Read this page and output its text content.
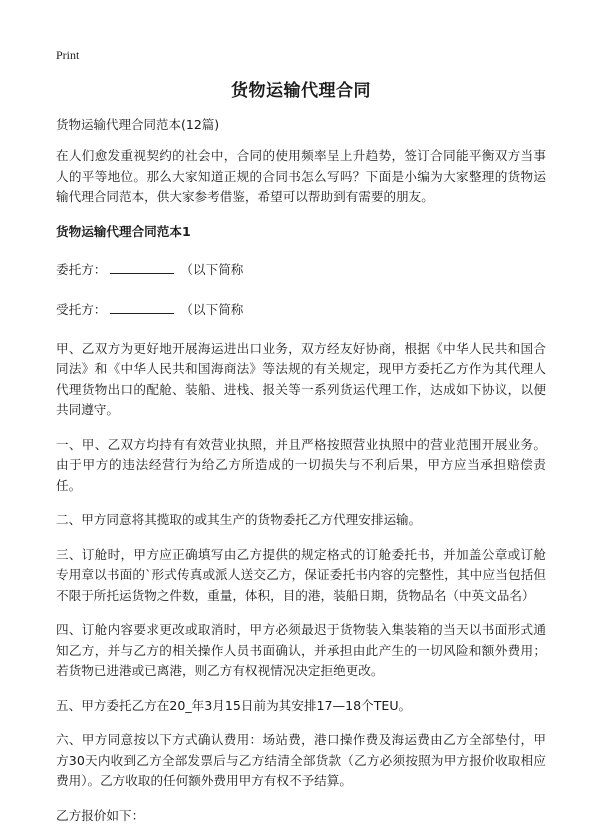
Print
货物运输代理合同
货物运输代理合同范本(12篇)

在人们愈发重视契约的社会中，合同的使用频率呈上升趋势，签订合同能平衡双方当事人的平等地位。那么大家知道正规的合同书怎么写吗？下面是小编为大家整理的货物运输代理合同范本，供大家参考借鉴，希望可以帮助到有需要的朋友。

货物运输代理合同范本1
委托方：	（以下简称
受托方：	（以下简称

甲、乙双方为更好地开展海运进出口业务，双方经友好协商，根据《中华人民共和国合同法》和《中华人民共和国海商法》等法规的有关规定，现甲方委托乙方作为其代理人代理货物出口的配舱、装船、进栈、报关等一系列货运代理工作，达成如下协议，以便共同遵守。

一、甲、乙双方均持有有效营业执照，并且严格按照营业执照中的营业范围开展业务。由于甲方的违法经营行为给乙方所造成的一切损失与不利后果，甲方应当承担赔偿责任。

二、甲方同意将其揽取的或其生产的货物委托乙方代理安排运输。

三、订舱时，甲方应正确填写由乙方提供的规定格式的订舱委托书，并加盖公章或订舱专用章以书面的`形式传真或派人送交乙方，保证委托书内容的完整性，其中应当包括但不限于所托运货物之件数，重量，体积，目的港，装船日期，货物品名（中英文品名）

四、订舱内容要求更改或取消时，甲方必须最迟于货物装入集装箱的当天以书面形式通知乙方，并与乙方的相关操作人员书面确认，并承担由此产生的一切风险和额外费用；若货物已进港或已离港，则乙方有权视情况决定拒绝更改。

五、甲方委托乙方在20_年3月15日前为其安排17—18个TEU。

六、甲方同意按以下方式确认费用：场站费，港口操作费及海运费由乙方全部垫付，甲方30天内收到乙方全部发票后与乙方结清全部货款（乙方必须按照为甲方报价收取相应费用）。乙方收取的任何额外费用甲方有权不予结算。

乙方报价如下：
